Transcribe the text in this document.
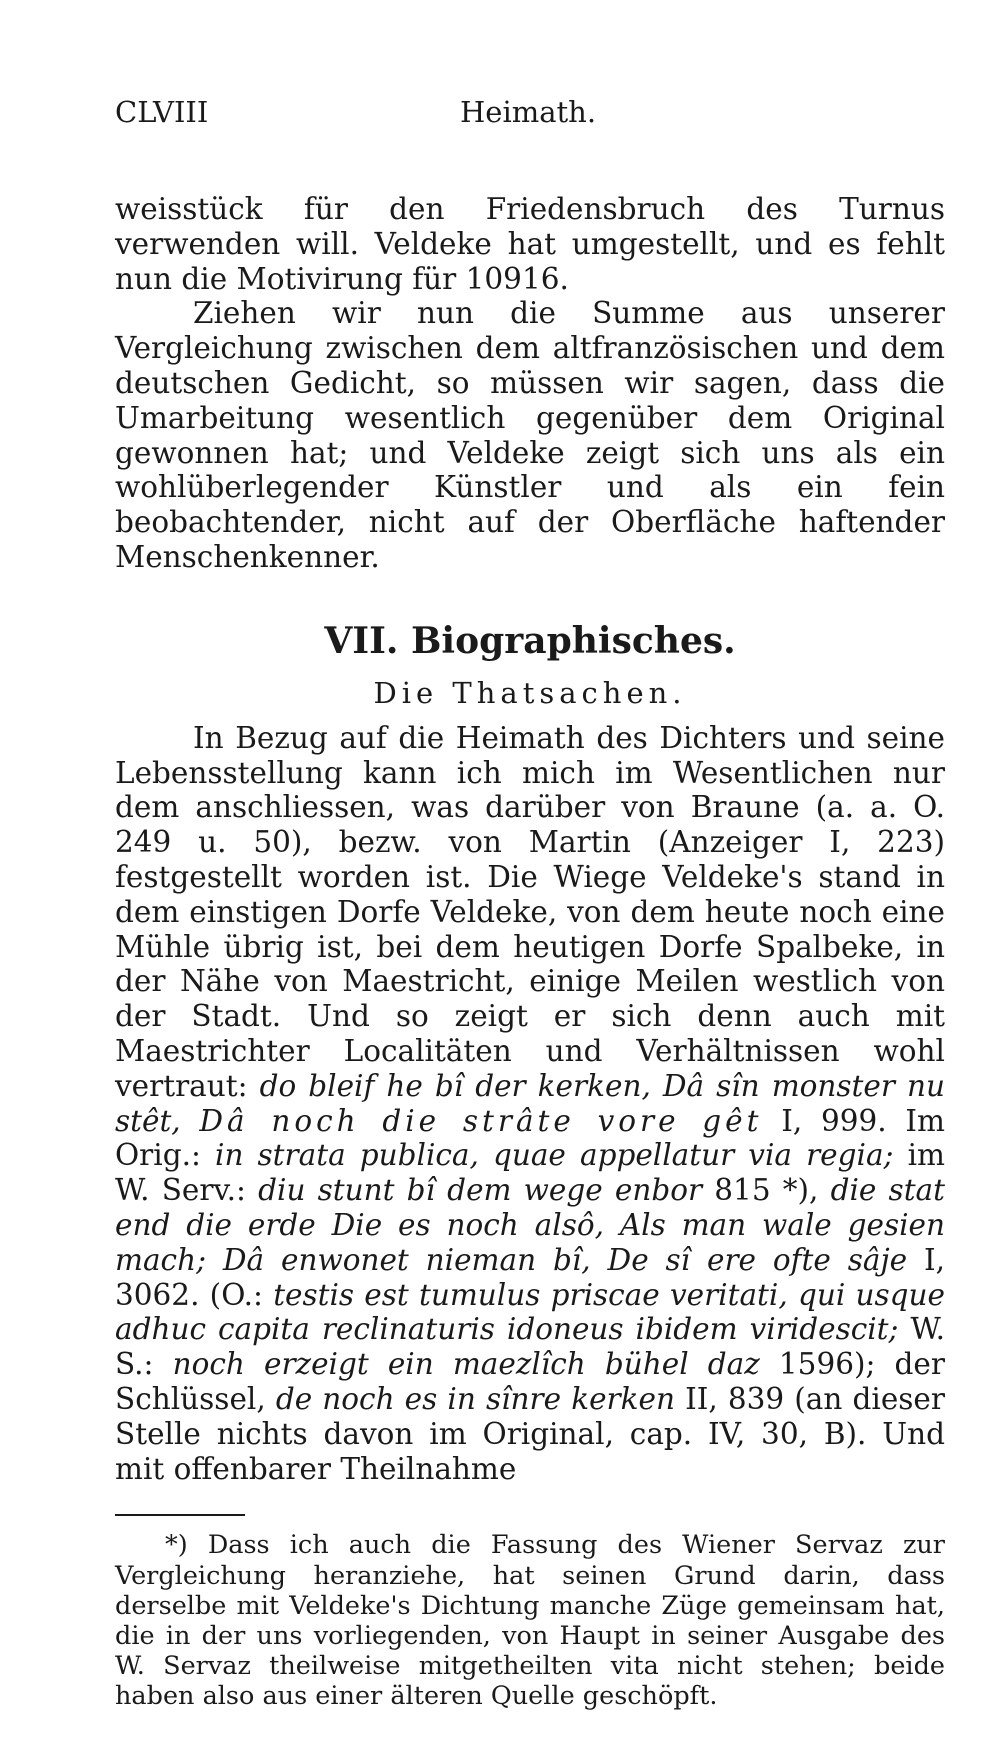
CLVIII	Heimath.

weisstück für den Friedensbruch des Turnus verwenden will. Veldeke hat umgestellt, und es fehlt nun die Motivirung für 10916.

Ziehen wir nun die Summe aus unserer Vergleichung zwischen dem altfranzösischen und dem deutschen Gedicht, so müssen wir sagen, dass die Umarbeitung wesentlich gegenüber dem Original gewonnen hat; und Veldeke zeigt sich uns als ein wohlüberlegender Künstler und als ein fein beobachtender, nicht auf der Oberfläche haftender Menschenkenner.

VII. Biographisches.
Die Thatsachen.

In Bezug auf die Heimath des Dichters und seine Lebensstellung kann ich mich im Wesentlichen nur dem anschliessen, was darüber von Braune (a. a. O. 249 u. 50), bezw. von Martin (Anzeiger I, 223) festgestellt worden ist. Die Wiege Veldeke's stand in dem einstigen Dorfe Veldeke, von dem heute noch eine Mühle übrig ist, bei dem heutigen Dorfe Spalbeke, in der Nähe von Maestricht, einige Meilen westlich von der Stadt. Und so zeigt er sich denn auch mit Maestrichter Localitäten und Verhältnissen wohl vertraut: do bleif he bî der kerken, Dâ sîn monster nu stêt, Dâ noch die strâte vore gêt I, 999. Im Orig.: in strata publica, quae appellatur via regia; im W. Serv.: diu stunt bî dem wege enbor 815 *), die stat end die erde Die es noch alsô, Als man wale gesien mach; Dâ enwonet nieman bî, De sî ere ofte sâje I, 3062. (O.: testis est tumulus priscae veritati, qui usque adhuc capita reclinaturis idoneus ibidem viridescit; W. S.: noch erzeigt ein maezlîch bühel daz 1596); der Schlüssel, de noch es in sînre kerken II, 839 (an dieser Stelle nichts davon im Original, cap. IV, 30, B). Und mit offenbarer Theilnahme

*) Dass ich auch die Fassung des Wiener Servaz zur Vergleichung heranziehe, hat seinen Grund darin, dass derselbe mit Veldeke's Dichtung manche Züge gemeinsam hat, die in der uns vorliegenden, von Haupt in seiner Ausgabe des W. Servaz theilweise mitgetheilten vita nicht stehen; beide haben also aus einer älteren Quelle geschöpft.
